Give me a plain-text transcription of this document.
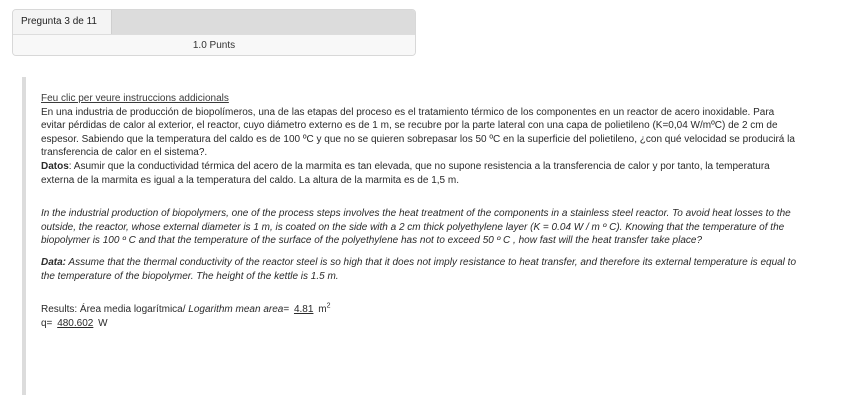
Pregunta 3 de 11
1.0 Punts
Feu clic per veure instruccions addicionals
En una industria de producción de biopolímeros, una de las etapas del proceso es el tratamiento térmico de los componentes en un reactor de acero inoxidable. Para evitar pérdidas de calor al exterior, el reactor, cuyo diámetro externo es de 1 m, se recubre por la parte lateral con una capa de polietileno (K=0,04 W/mºC) de 2 cm de espesor. Sabiendo que la temperatura del caldo es de 100 ºC y que no se quieren sobrepasar los 50 ºC en la superficie del polietileno, ¿con qué velocidad se producirá la transferencia de calor en el sistema?.
Datos: Asumir que la conductividad térmica del acero de la marmita es tan elevada, que no supone resistencia a la transferencia de calor y por tanto, la temperatura externa de la marmita es igual a la temperatura del caldo. La altura de la marmita es de 1,5 m.
In the industrial production of biopolymers, one of the process steps involves the heat treatment of the components in a stainless steel reactor. To avoid heat losses to the outside, the reactor, whose external diameter is 1 m, is coated on the side with a 2 cm thick polyethylene layer (K = 0.04 W / m º C). Knowing that the temperature of the biopolymer is 100 º C and that the temperature of the surface of the polyethylene has not to exceed 50 º C , how fast will the heat transfer take place?
Data: Assume that the thermal conductivity of the reactor steel is so high that it does not imply resistance to heat transfer, and therefore its external temperature is equal to the temperature of the biopolymer. The height of the kettle is 1.5 m.
Results: Área media logarítmica/ Logarithm mean area= 4.81 $m^2$
q= 480.602 W
